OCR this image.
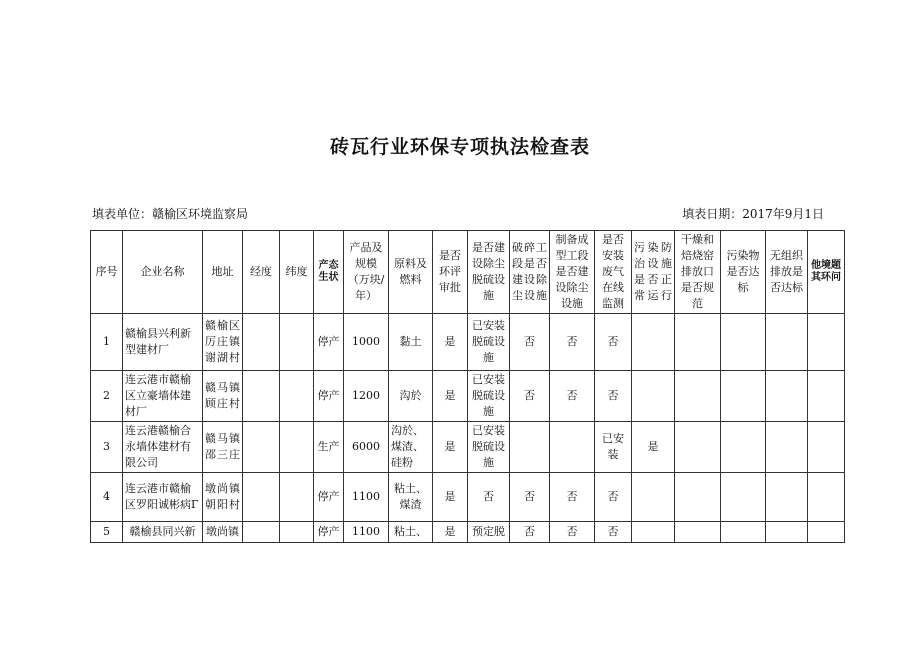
砖瓦行业环保专项执法检查表
填表单位：赣榆区环境监察局	填表日期：2017年9月1日
序号	企业名称	地址	经度	纬度	产态生状	产品及规模（万块/年）	原料及燃料	是否环评审批	是否建设除尘脱硫设施	破碎工段是否建设除尘设施	制备成型工段是否建设除尘设施	是否安装废气在线监测	污染防治设施是否正常运行	干燥和焙烧窑排放口是否规范	污染物是否达标	无组织排放是否达标	他境题其环问
1	赣榆县兴利新型建材厂	赣榆区厉庄镇谢湖村			停产	1000	黏土	是	已安装脱硫设施	否	否	否					
2	连云港市赣榆区立豪墙体建材厂	赣马镇顾庄村			停产	1200	沟於	是	已安装脱硫设施	否	否	否					
3	连云港赣榆合永墙体建材有限公司	赣马镇邵三庄			生产	6000	沟於、煤渣、硅粉	是	已安装脱硫设施			已安装	是				
4	连云港市赣榆区罗阳诚彬病Γ	墩尚镇朝阳村			停产	1100	粘土、煤渣	是	否	否	否	否					
5	赣榆县同兴新	墩尚镇			停产	1100	粘土、	是	预定脱	否	否	否					
